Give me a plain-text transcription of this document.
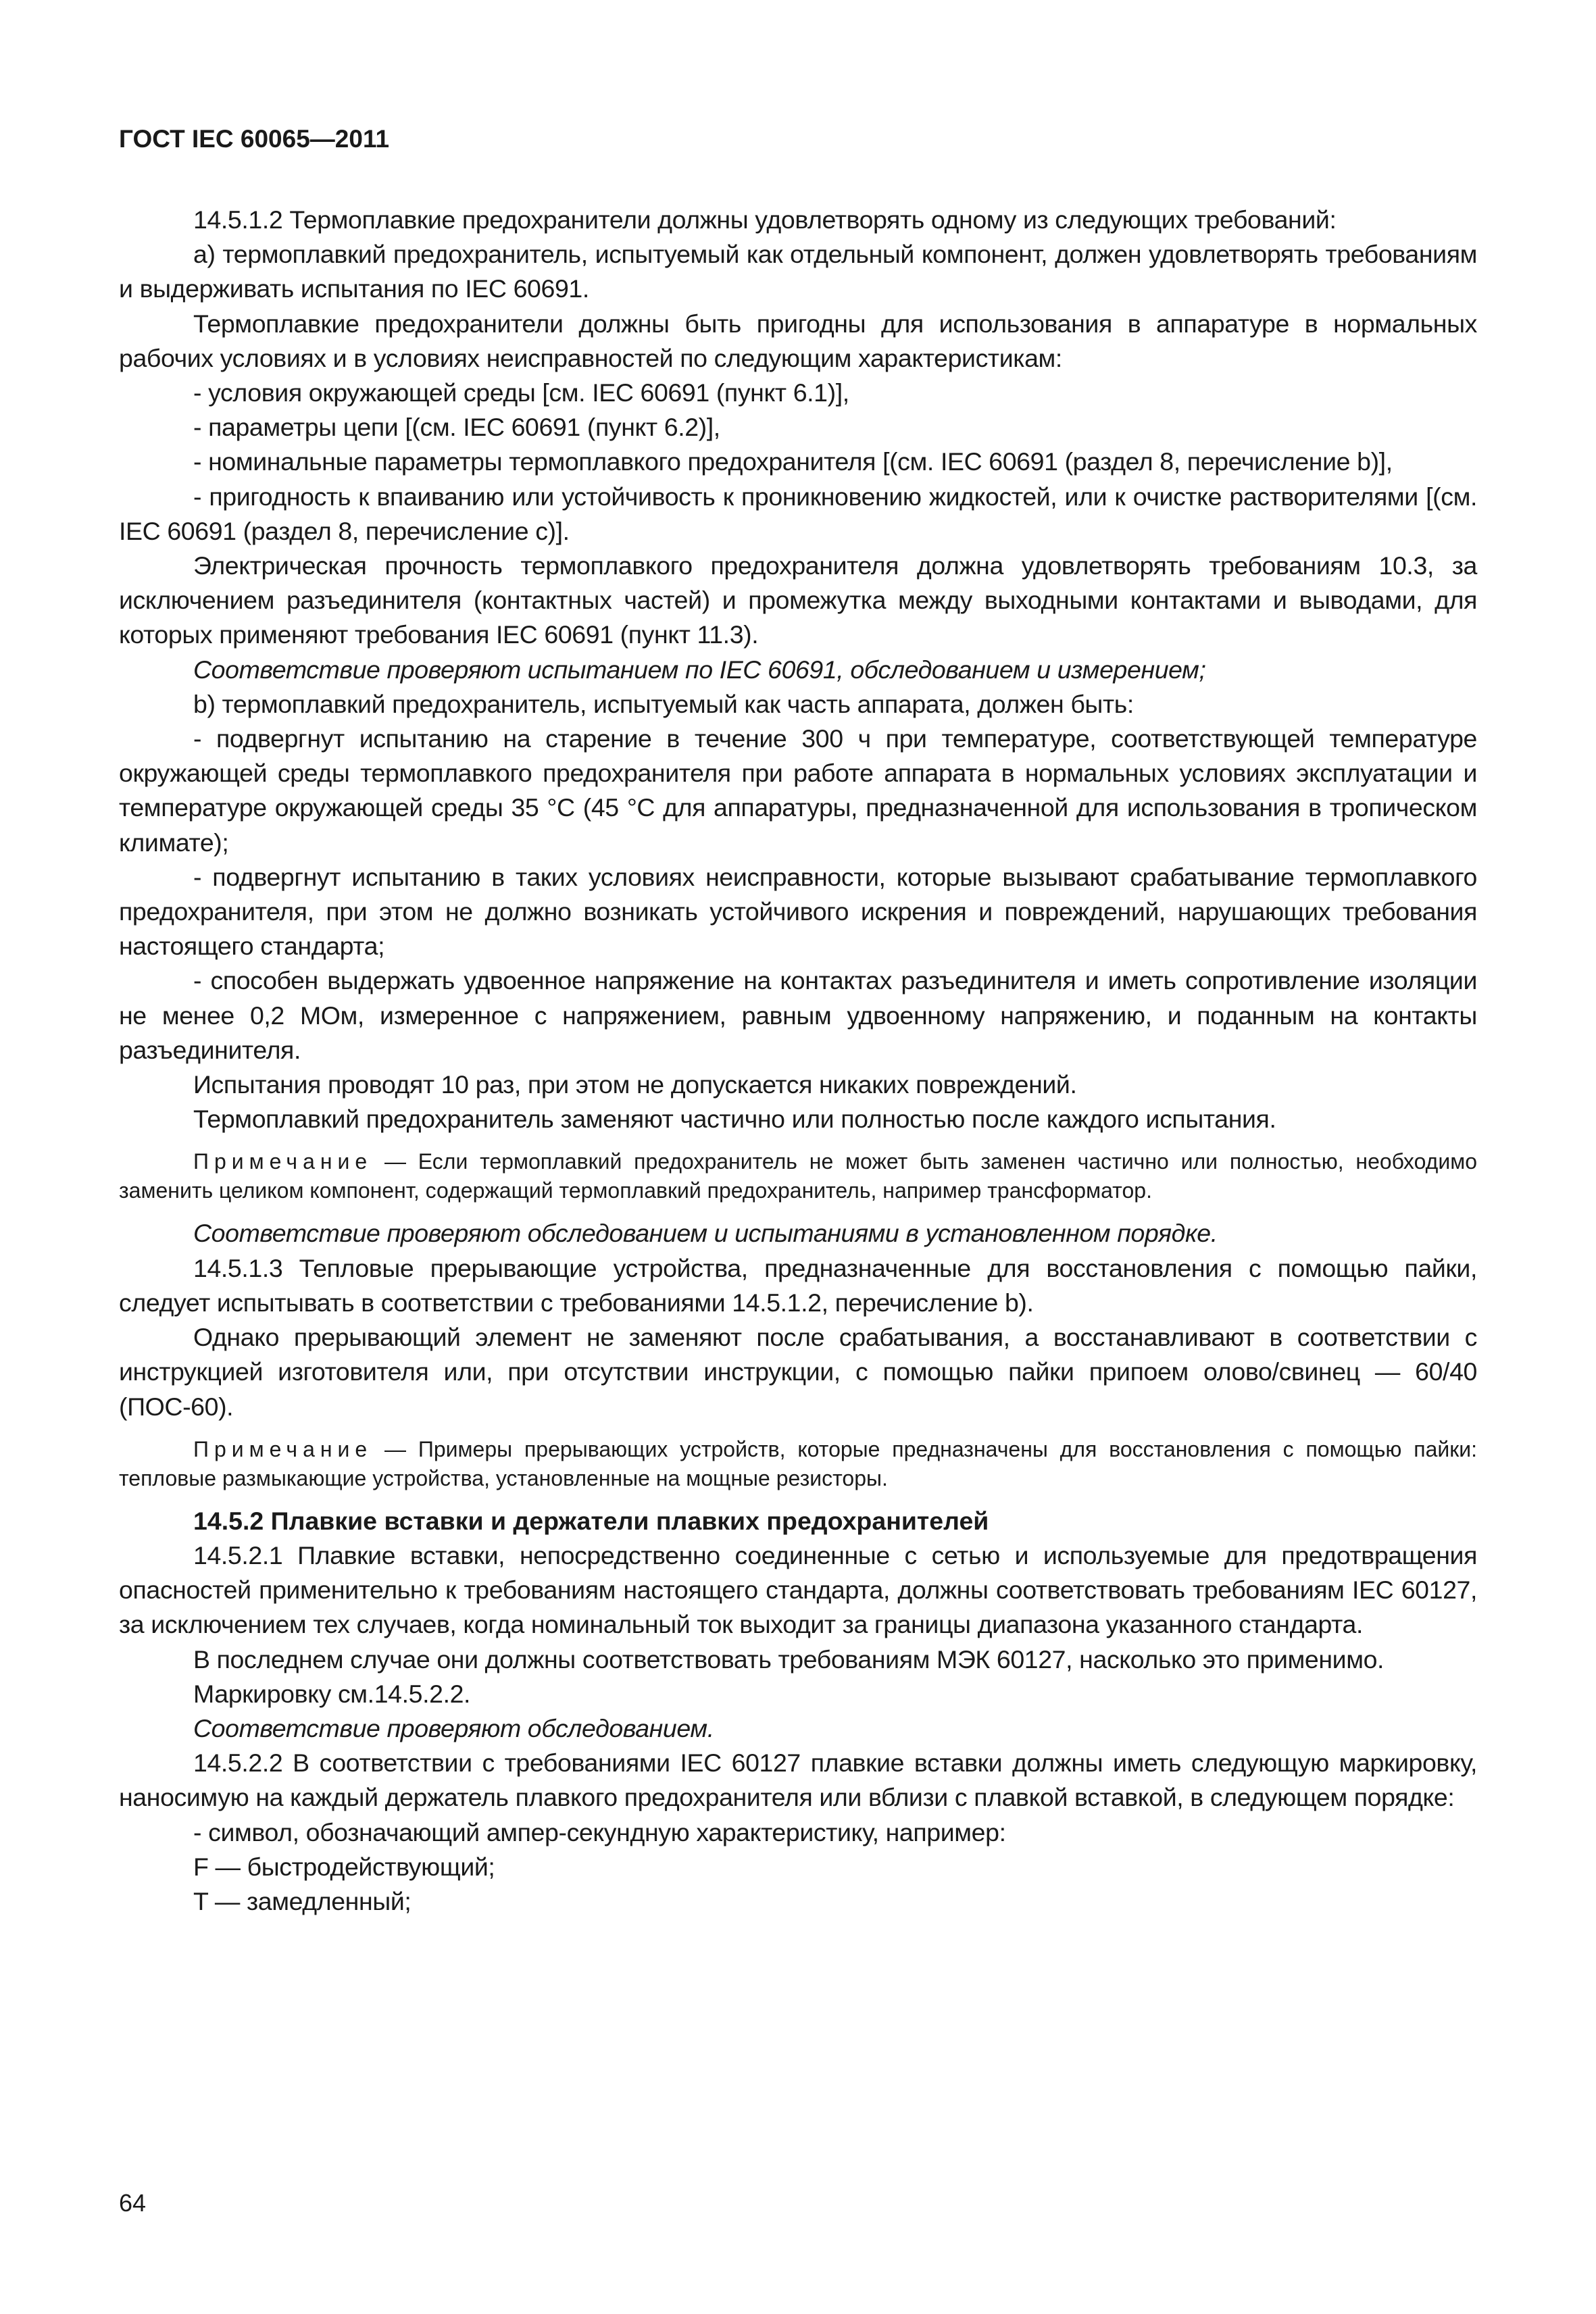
ГОСТ IEC 60065—2011

14.5.1.2 Термоплавкие предохранители должны удовлетворять одному из следующих требований:

а) термоплавкий предохранитель, испытуемый как отдельный компонент, должен удовлетворять требованиям и выдерживать испытания по IEC 60691.

Термоплавкие предохранители должны быть пригодны для использования в аппаратуре в нормальных рабочих условиях и в условиях неисправностей по следующим характеристикам:

- условия окружающей среды [см. IEC 60691 (пункт 6.1)],

- параметры цепи [(см. IEC 60691 (пункт 6.2)],

- номинальные параметры термоплавкого предохранителя [(см. IEC 60691 (раздел 8, перечисление b)],

- пригодность к впаиванию или устойчивость к проникновению жидкостей, или к очистке растворителями [(см. IEC 60691 (раздел 8, перечисление с)].

Электрическая прочность термоплавкого предохранителя должна удовлетворять требованиям 10.3, за исключением разъединителя (контактных частей) и промежутка между выходными контактами и выводами, для которых применяют требования IEC 60691 (пункт 11.3).

Соответствие проверяют испытанием по IEC 60691, обследованием и измерением;

b) термоплавкий предохранитель, испытуемый как часть аппарата, должен быть:

- подвергнут испытанию на старение в течение 300 ч при температуре, соответствующей температуре окружающей среды термоплавкого предохранителя при работе аппарата в нормальных условиях эксплуатации и температуре окружающей среды 35 °С (45 °С для аппаратуры, предназначенной для использования в тропическом климате);

- подвергнут испытанию в таких условиях неисправности, которые вызывают срабатывание термоплавкого предохранителя, при этом не должно возникать устойчивого искрения и повреждений, нарушающих требования настоящего стандарта;

- способен выдержать удвоенное напряжение на контактах разъединителя и иметь сопротивление изоляции не менее 0,2 МОм, измеренное с напряжением, равным удвоенному напряжению, и поданным на контакты разъединителя.

Испытания проводят 10 раз, при этом не допускается никаких повреждений.

Термоплавкий предохранитель заменяют частично или полностью после каждого испытания.

Примечание — Если термоплавкий предохранитель не может быть заменен частично или полностью, необходимо заменить целиком компонент, содержащий термоплавкий предохранитель, например трансформатор.

Соответствие проверяют обследованием и испытаниями в установленном порядке.

14.5.1.3 Тепловые прерывающие устройства, предназначенные для восстановления с помощью пайки, следует испытывать в соответствии с требованиями 14.5.1.2, перечисление b).

Однако прерывающий элемент не заменяют после срабатывания, а восстанавливают в соответствии с инструкцией изготовителя или, при отсутствии инструкции, с помощью пайки припоем олово/свинец — 60/40 (ПОС-60).

Примечание — Примеры прерывающих устройств, которые предназначены для восстановления с помощью пайки: тепловые размыкающие устройства, установленные на мощные резисторы.

14.5.2 Плавкие вставки и держатели плавких предохранителей

14.5.2.1 Плавкие вставки, непосредственно соединенные с сетью и используемые для предотвращения опасностей применительно к требованиям настоящего стандарта, должны соответствовать требованиям IEC 60127, за исключением тех случаев, когда номинальный ток выходит за границы диапазона указанного стандарта.

В последнем случае они должны соответствовать требованиям МЭК 60127, насколько это применимо.

Маркировку см.14.5.2.2.

Соответствие проверяют обследованием.

14.5.2.2 В соответствии с требованиями IEC 60127 плавкие вставки должны иметь следующую маркировку, наносимую на каждый держатель плавкого предохранителя или вблизи с плавкой вставкой, в следующем порядке:

- символ, обозначающий ампер-секундную характеристику, например:

F — быстродействующий;

T — замедленный;

64
